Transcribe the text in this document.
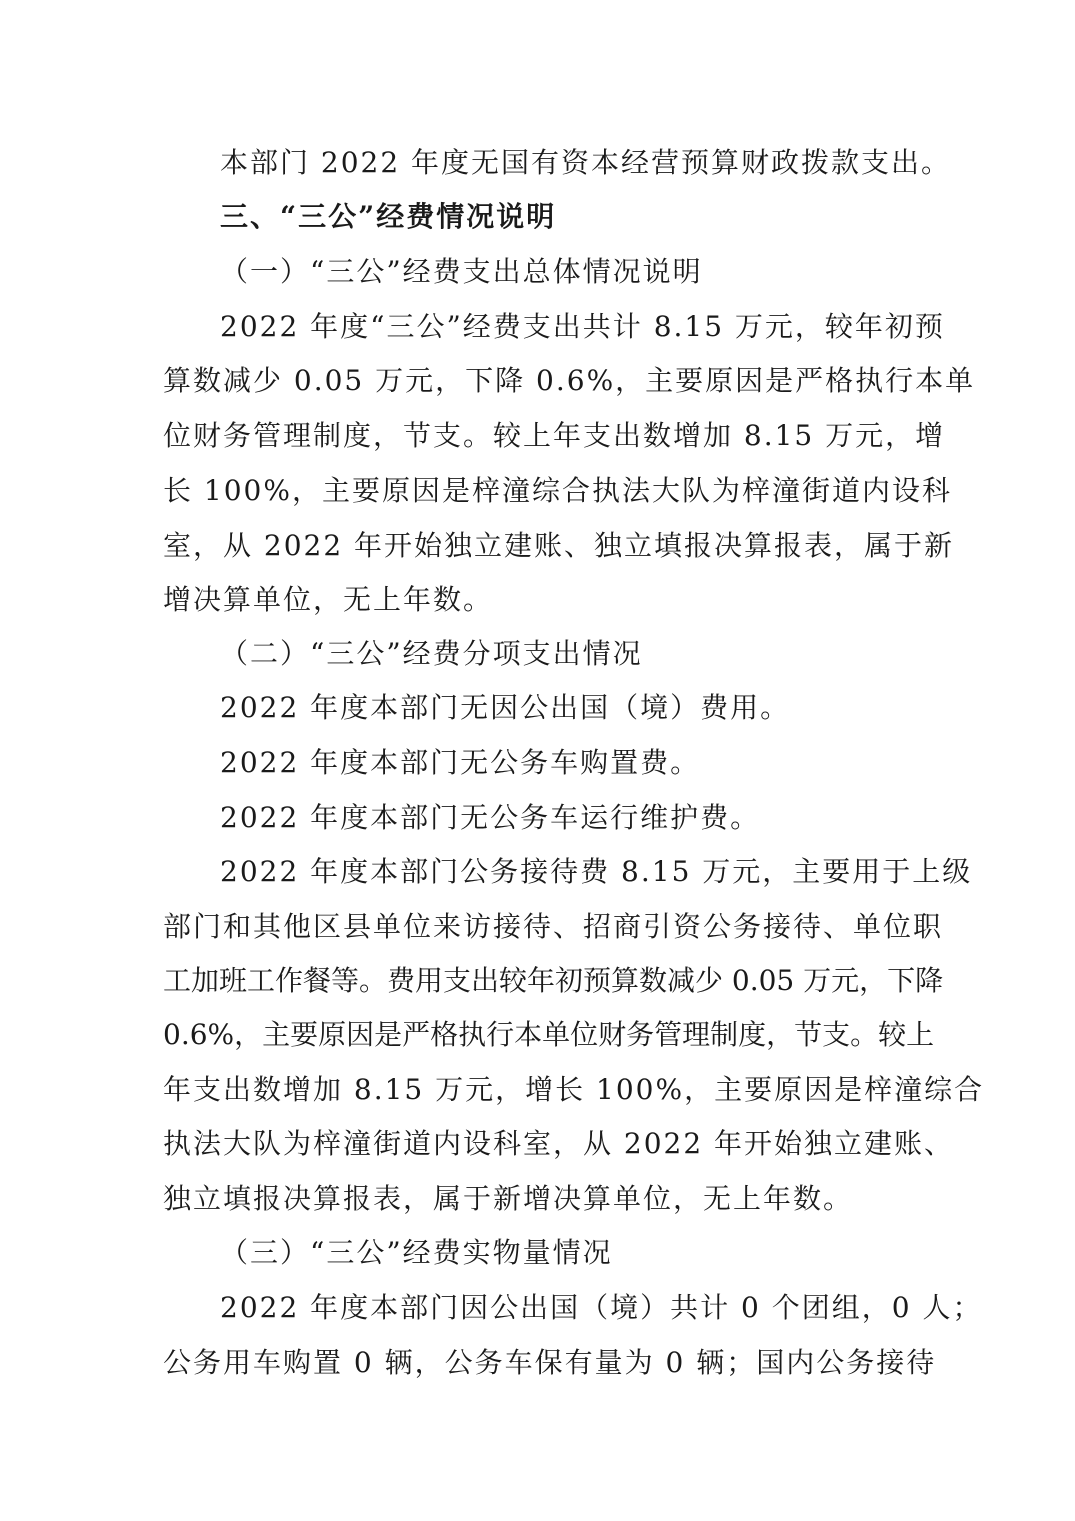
本部门 2022 年度无国有资本经营预算财政拨款支出。
三、“三公”经费情况说明
（一）“三公”经费支出总体情况说明
2022 年度“三公”经费支出共计 8.15 万元，较年初预
算数减少 0.05 万元，下降 0.6%，主要原因是严格执行本单
位财务管理制度，节支。较上年支出数增加 8.15 万元，增
长 100%，主要原因是梓潼综合执法大队为梓潼街道内设科
室，从 2022 年开始独立建账、独立填报决算报表，属于新
增决算单位，无上年数。
（二）“三公”经费分项支出情况
2022 年度本部门无因公出国（境）费用。
2022 年度本部门无公务车购置费。
2022 年度本部门无公务车运行维护费。
2022 年度本部门公务接待费 8.15 万元，主要用于上级
部门和其他区县单位来访接待、招商引资公务接待、单位职
工加班工作餐等。费用支出较年初预算数减少 0.05 万元，下降
0.6%，主要原因是严格执行本单位财务管理制度，节支。较上
年支出数增加 8.15 万元，增长 100%，主要原因是梓潼综合
执法大队为梓潼街道内设科室，从 2022 年开始独立建账、
独立填报决算报表，属于新增决算单位，无上年数。
（三）“三公”经费实物量情况
2022 年度本部门因公出国（境）共计 0 个团组，0 人；
公务用车购置 0 辆，公务车保有量为 0 辆；国内公务接待
